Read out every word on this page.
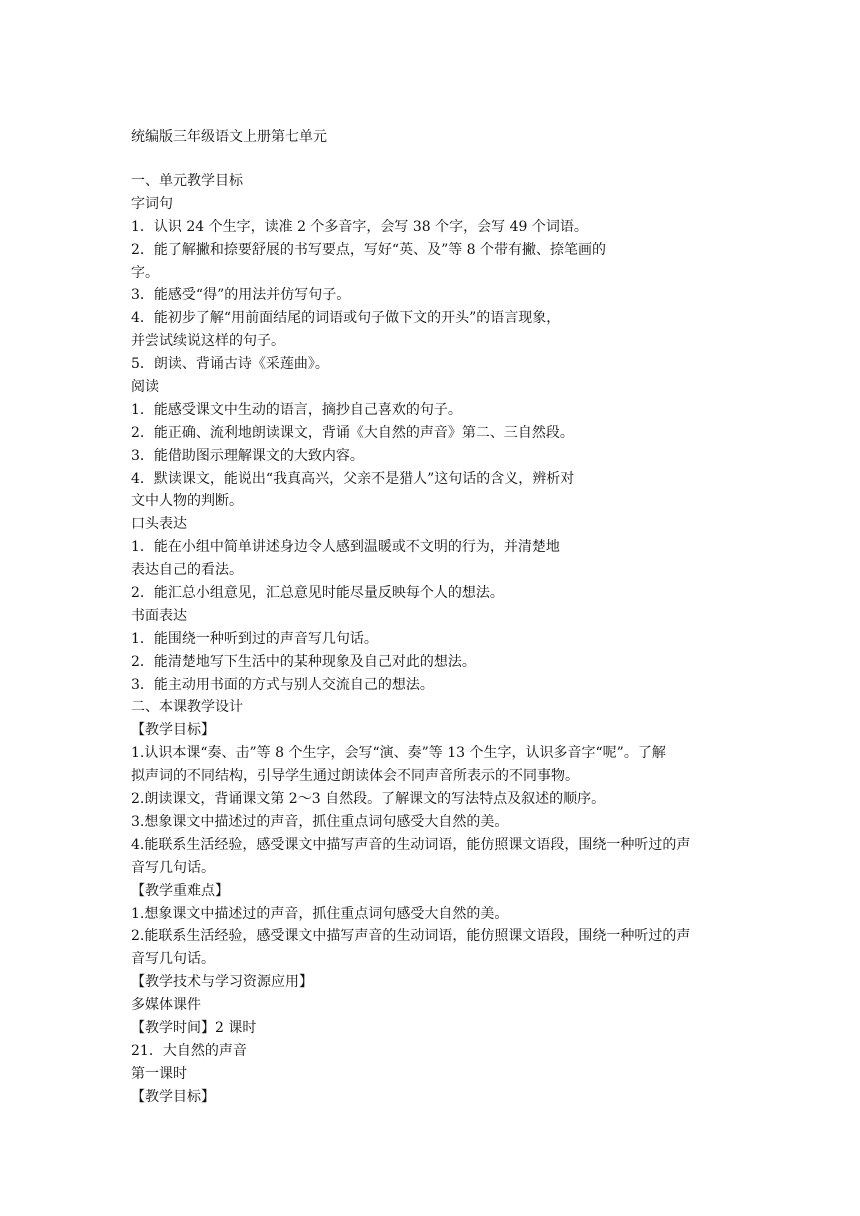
统编版三年级语文上册第七单元
一、单元教学目标
字词句
1．认识 24 个生字，读准 2 个多音字，会写 38 个字，会写 49 个词语。
2．能了解撇和捺要舒展的书写要点，写好“英、及”等 8 个带有撇、捺笔画的
字。
3．能感受“得”的用法并仿写句子。
4．能初步了解“用前面结尾的词语或句子做下文的开头”的语言现象，
并尝试续说这样的句子。
5．朗读、背诵古诗《采莲曲》。
阅读
1．能感受课文中生动的语言，摘抄自己喜欢的句子。
2．能正确、流利地朗读课文，背诵《大自然的声音》第二、三自然段。
3．能借助图示理解课文的大致内容。
4．默读课文，能说出“我真高兴，父亲不是猎人”这句话的含义，辨析对
文中人物的判断。
口头表达
1．能在小组中简单讲述身边令人感到温暖或不文明的行为，并清楚地
表达自己的看法。
2．能汇总小组意见，汇总意见时能尽量反映每个人的想法。
书面表达
1．能围绕一种听到过的声音写几句话。
2．能清楚地写下生活中的某种现象及自己对此的想法。
3．能主动用书面的方式与别人交流自己的想法。
二、本课教学设计
【教学目标】
1.认识本课“奏、击”等 8 个生字，会写“演、奏”等 13 个生字，认识多音字“呢”。了解
拟声词的不同结构，引导学生通过朗读体会不同声音所表示的不同事物。
2.朗读课文，背诵课文第 2～3 自然段。了解课文的写法特点及叙述的顺序。
3.想象课文中描述过的声音，抓住重点词句感受大自然的美。
4.能联系生活经验，感受课文中描写声音的生动词语，能仿照课文语段，围绕一种听过的声
音写几句话。
【教学重难点】
1.想象课文中描述过的声音，抓住重点词句感受大自然的美。
2.能联系生活经验，感受课文中描写声音的生动词语，能仿照课文语段，围绕一种听过的声
音写几句话。
【教学技术与学习资源应用】
多媒体课件
【教学时间】2 课时
21．大自然的声音
第一课时
【教学目标】
